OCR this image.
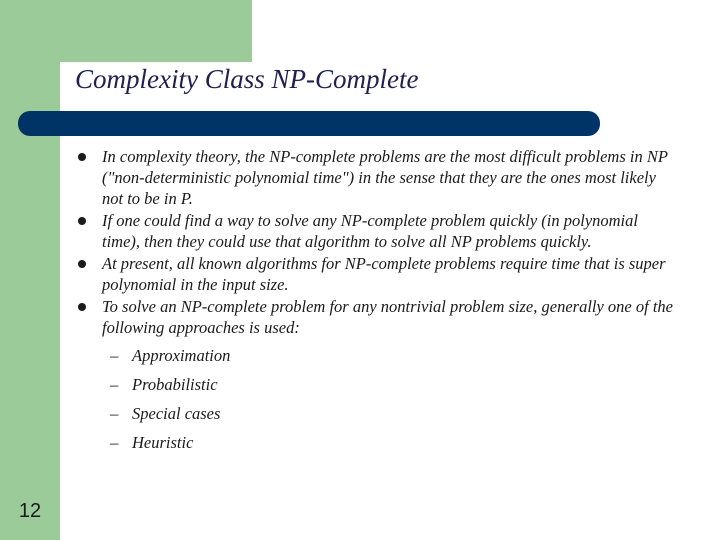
Complexity Class NP-Complete
In complexity theory, the NP-complete problems are the most difficult problems in NP ("non-deterministic polynomial time") in the sense that they are the ones most likely not to be in P.
If one could find a way to solve any NP-complete problem quickly (in polynomial time), then they could use that algorithm to solve all NP problems quickly.
At present, all known algorithms for NP-complete problems require time that is super polynomial in the input size.
To solve an NP-complete problem for any nontrivial problem size, generally one of the following approaches is used:
– Approximation
– Probabilistic
– Special cases
– Heuristic
12
